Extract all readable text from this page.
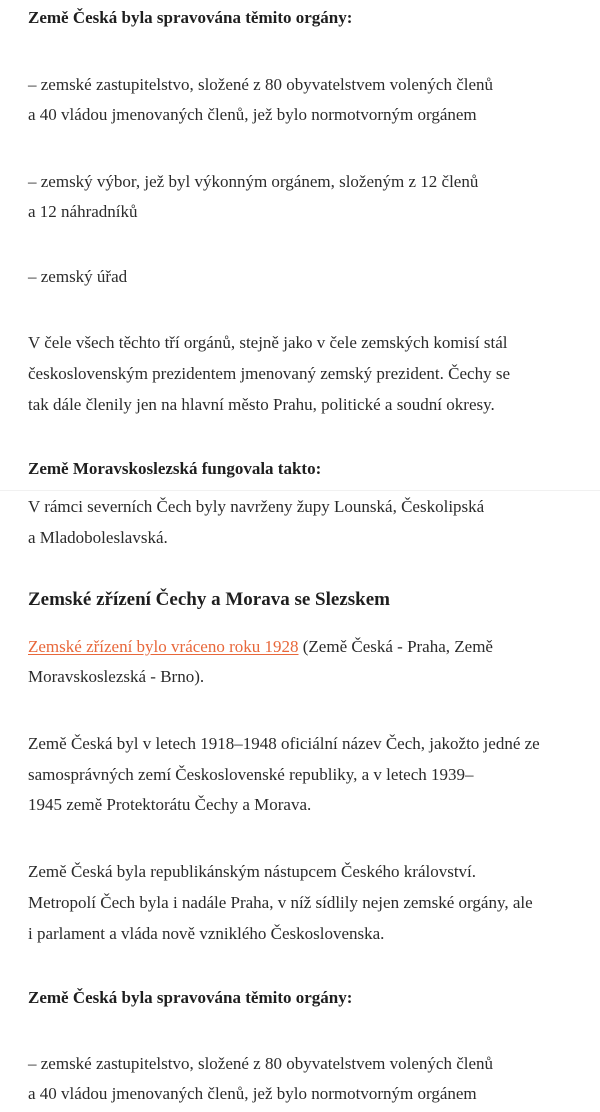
Země Česká byla spravována těmito orgány:
– zemské zastupitelstvo, složené z 80 obyvatelstvem volených členů
a 40 vládou jmenovaných členů, jež bylo normotvorným orgánem
– zemský výbor, jež byl výkonným orgánem, složeným z 12 členů
a 12 náhradníků
– zemský úřad
V čele všech těchto tří orgánů, stejně jako v čele zemských komisí stál
československým prezidentem jmenovaný zemský prezident. Čechy se
tak dále členily jen na hlavní město Prahu, politické a soudní okresy.
Země Moravskoslezská fungovala takto:
V rámci severních Čech byly navrženy župy Lounská, Českolipská
a Mladoboleslavská.
Zemské zřízení Čechy a Morava se Slezskem
Zemské zřízení bylo vráceno roku 1928 (Země Česká - Praha, Země
Moravskoslezská - Brno).
Země Česká byl v letech 1918–1948 oficiální název Čech, jakožto jedné ze
samosprávných zemí Československé republiky, a v letech 1939–
1945 země Protektorátu Čechy a Morava.
Země Česká byla republikánským nástupcem Českého království.
Metropolí Čech byla i nadále Praha, v níž sídlily nejen zemské orgány, ale
i parlament a vláda nově vzniklého Československa.
Země Česká byla spravována těmito orgány:
– zemské zastupitelstvo, složené z 80 obyvatelstvem volených členů
a 40 vládou jmenovaných členů, jež bylo normotvorným orgánem
